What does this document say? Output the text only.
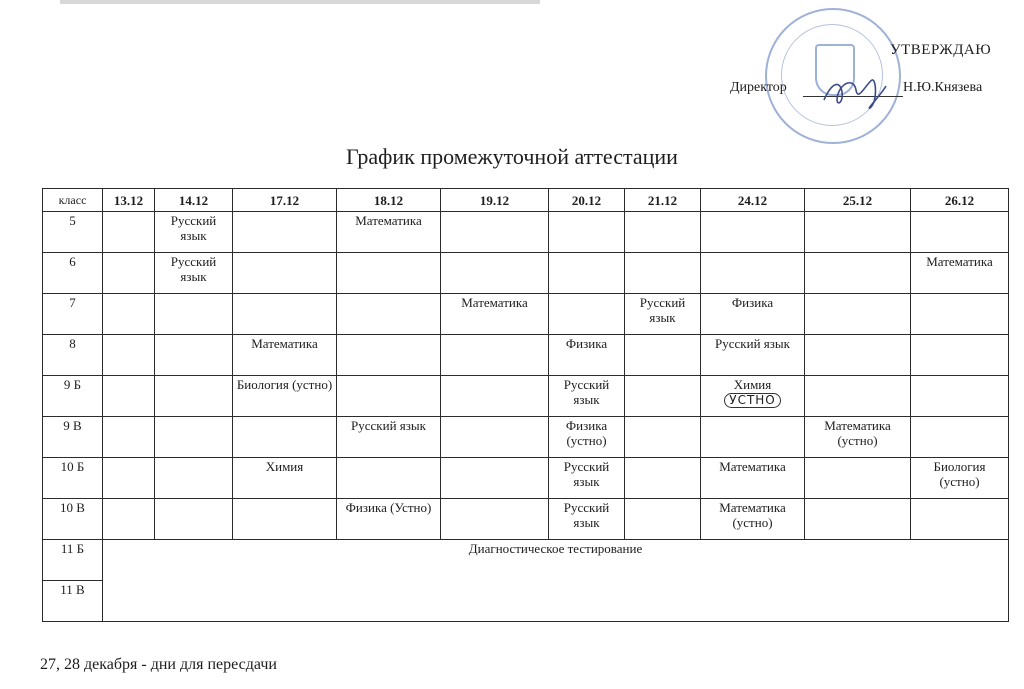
УТВЕРЖДАЮ
Директор	Н.Ю.Князева
График промежуточной аттестации
класс	13.12	14.12	17.12	18.12	19.12	20.12	21.12	24.12	25.12	26.12
5		Русский язык		Математика						
6		Русский язык								Математика
7					Математика		Русский язык	Физика		
8			Математика			Физика		Русский язык		
9 Б			Биология (устно)			Русский язык		Химия
УСТНО		
9 В				Русский язык		Физика (устно)			Математика (устно)	
10 Б			Химия			Русский язык		Математика		Биология (устно)
10 В				Физика (Устно)		Русский язык		Математика (устно)		
11 Б	Диагностическое тестирование									
11 В										
27, 28 декабря - дни для пересдачи
